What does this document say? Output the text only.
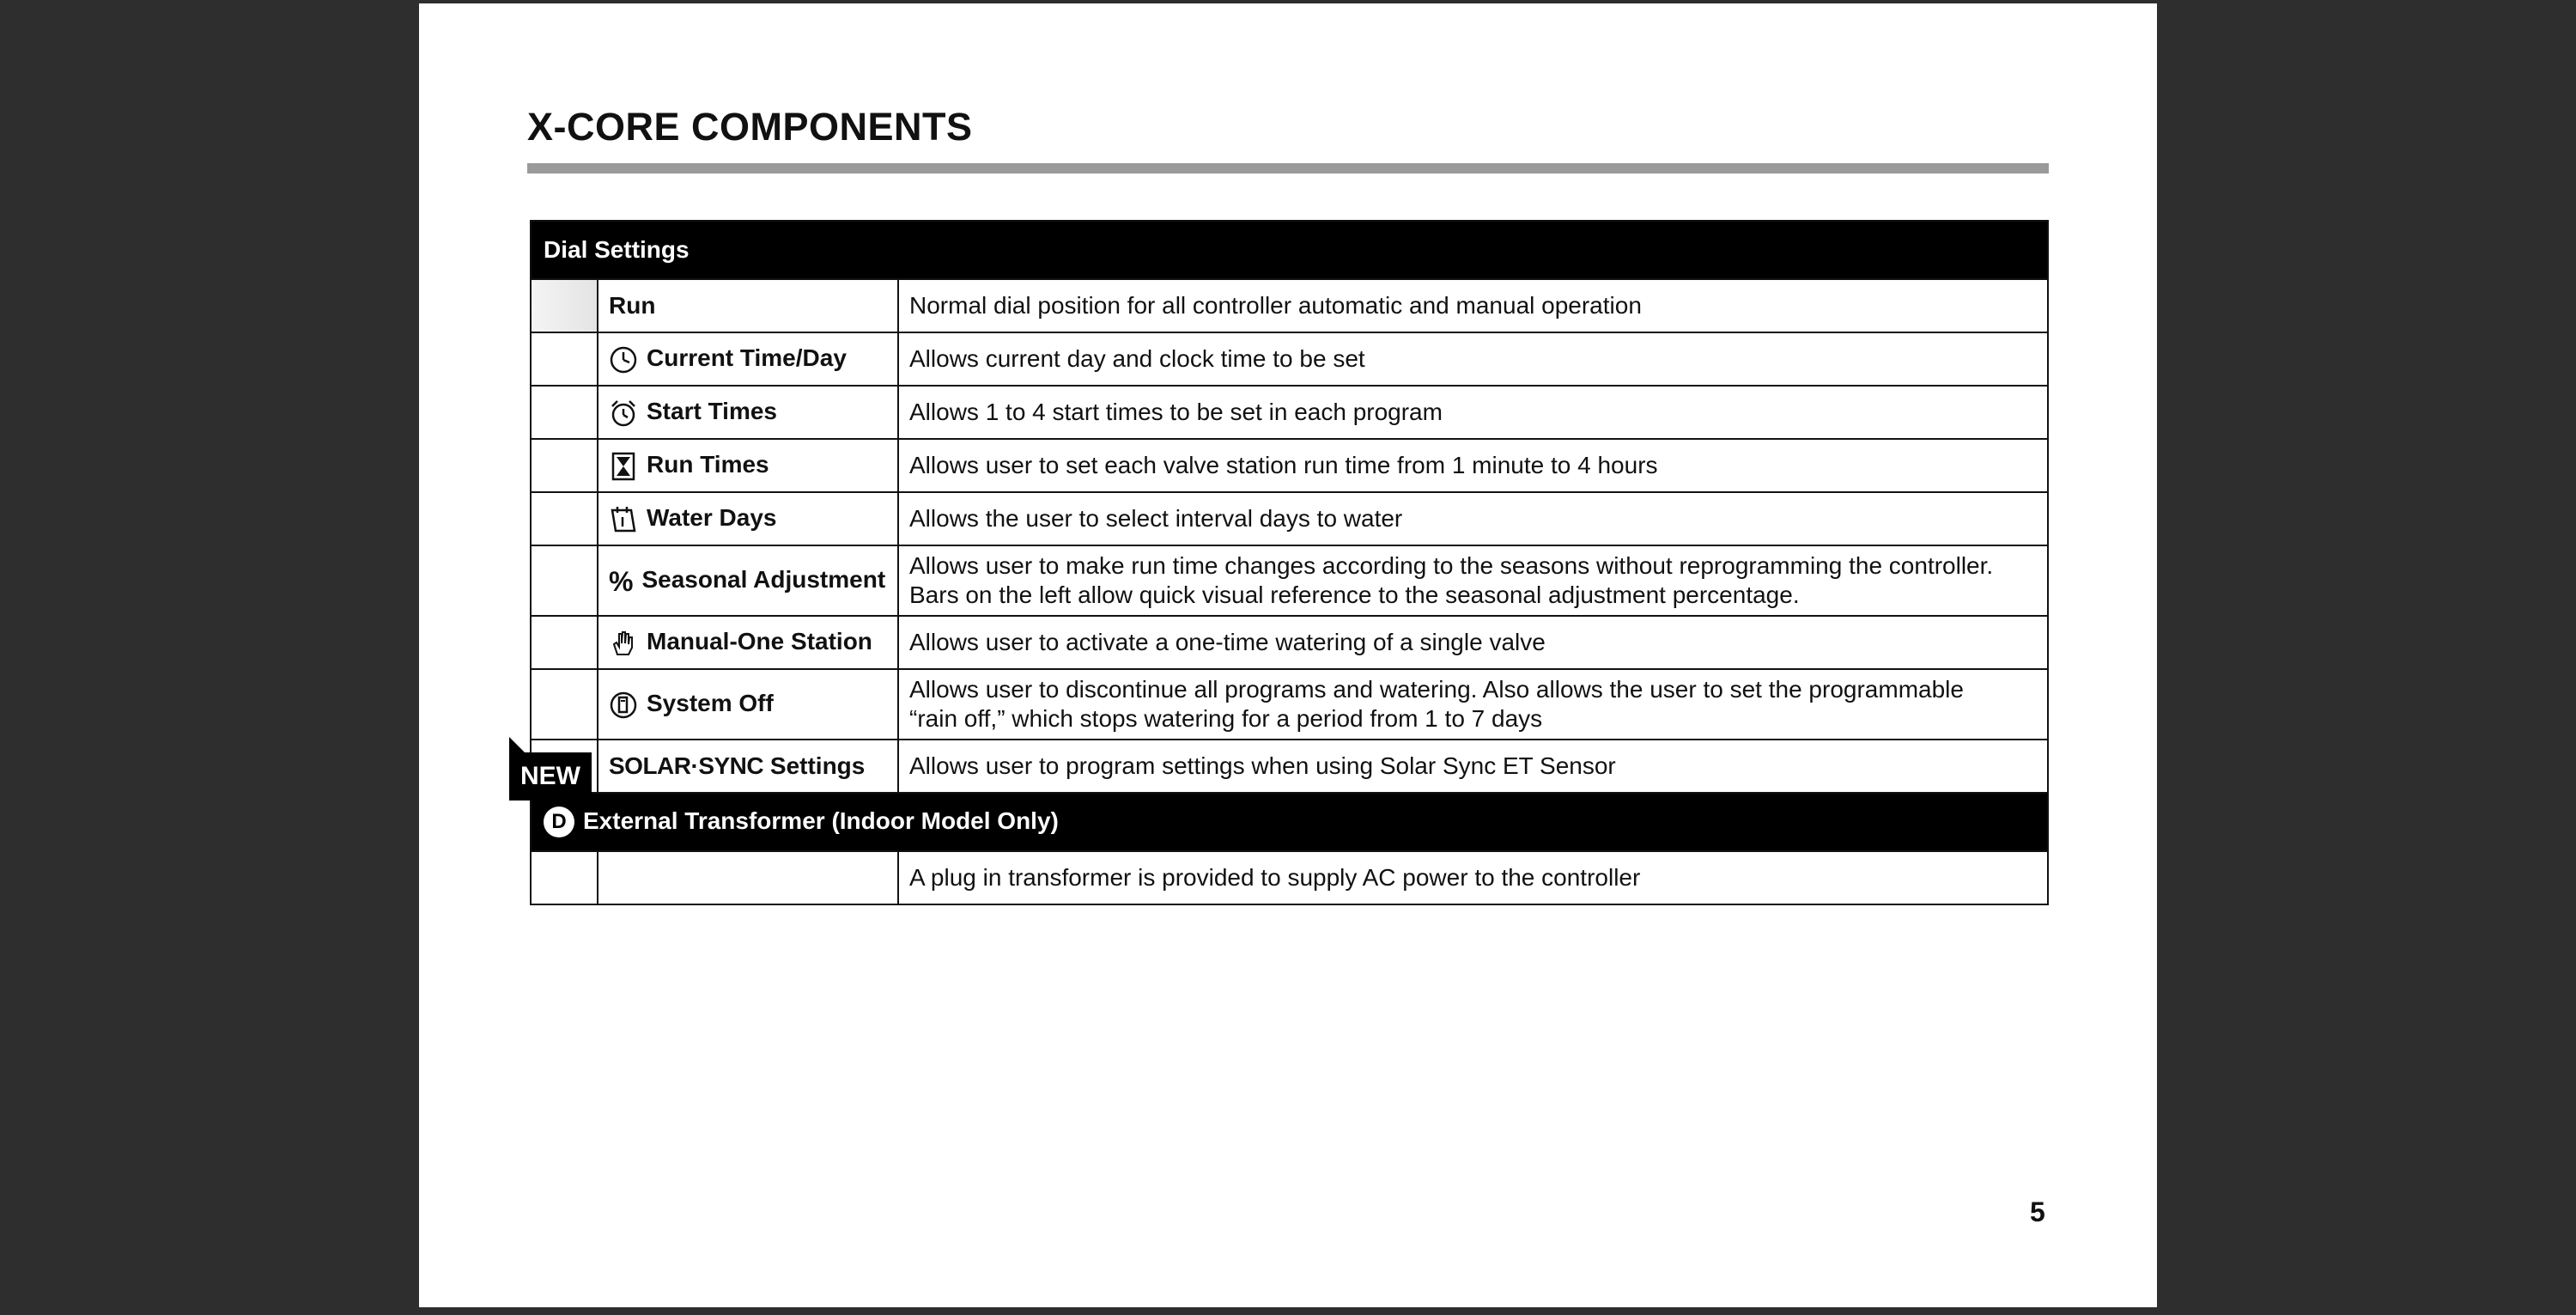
X-CORE COMPONENTS
Dial Settings		
	Run	Normal dial position for all controller automatic and manual operation
	Current Time/Day	Allows current day and clock time to be set
	Start Times	Allows 1 to 4 start times to be set in each program
	Run Times	Allows user to set each valve station run time from 1 minute to 4 hours
	Water Days	Allows the user to select interval days to water
	% Seasonal Adjustment	Allows user to make run time changes according to the seasons without reprogramming the controller.
Bars on the left allow quick visual reference to the seasonal adjustment percentage.

	Manual-One Station	Allows user to activate a one-time watering of a single valve
	System Off	Allows user to discontinue all programs and watering. Also allows the user to set the programmable
“rain off,” which stops watering for a period from 1 to 7 days

	SOLAR·SYNC Settings	Allows user to program settings when using Solar Sync ET Sensor
D External Transformer (Indoor Model Only)		
		A plug in transformer is provided to supply AC power to the controller
NEW
5
